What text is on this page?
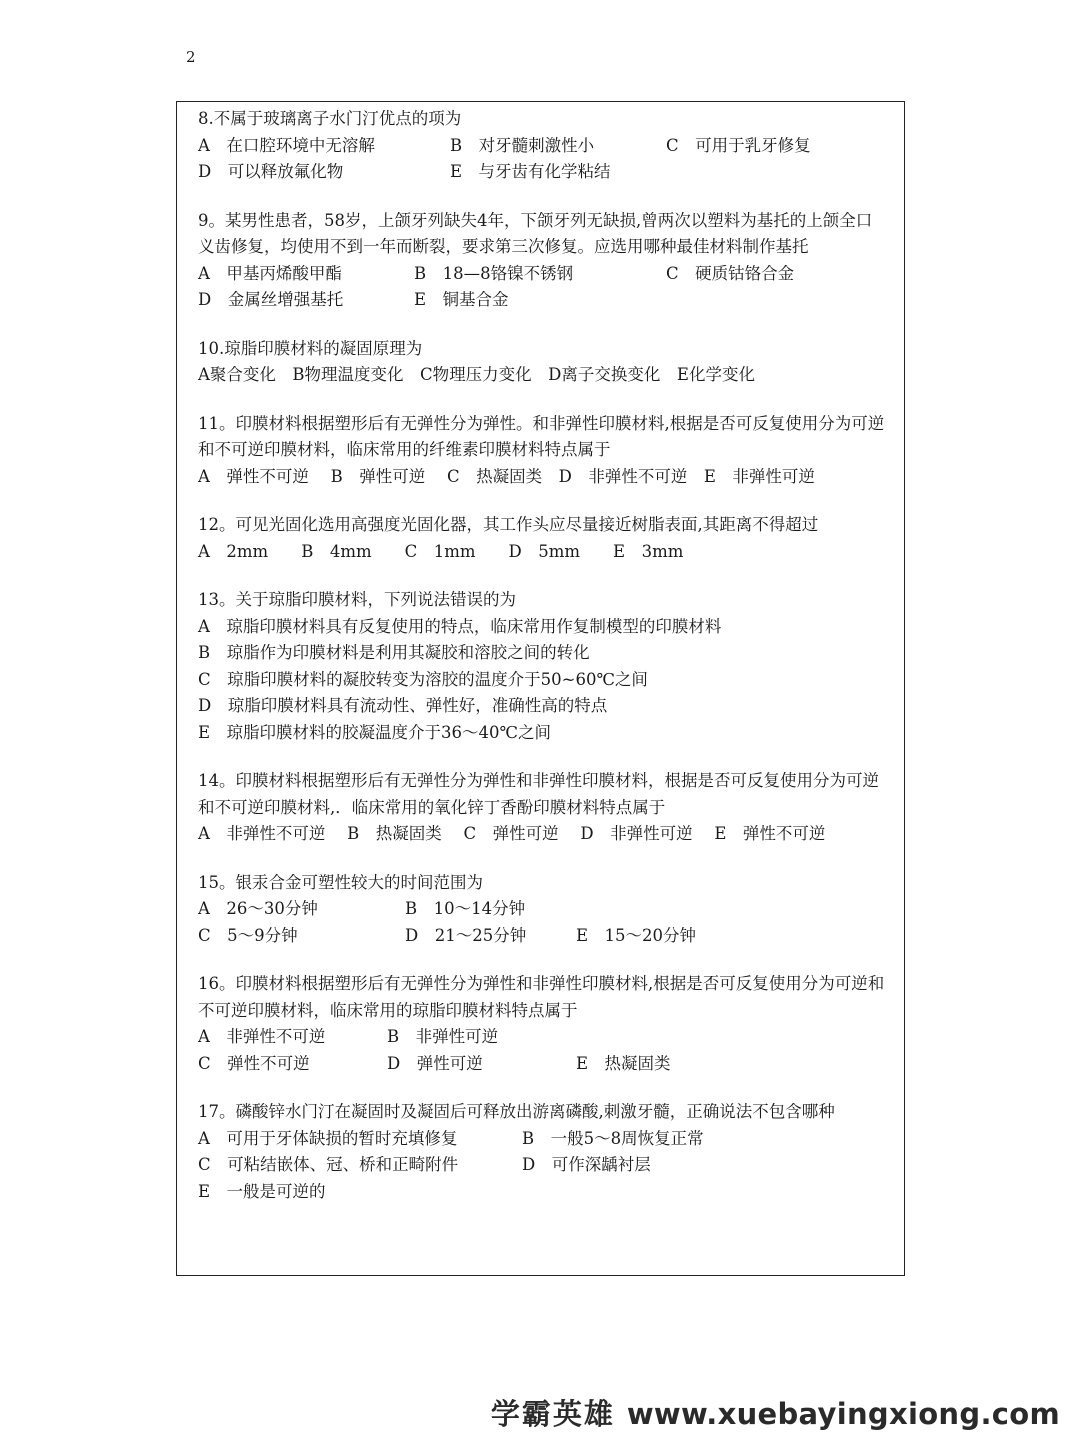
2

8.不属于玻璃离子水门汀优点的项为

A　在口腔环境中无溶解	B　对牙髓刺激性小	C　可用于乳牙修复
D　可以释放氟化物	E　与牙齿有化学粘结

9。某男性患者，58岁，上颌牙列缺失4年，下颌牙列无缺损,曾两次以塑料为基托的上颌全口义齿修复，均使用不到一年而断裂，要求第三次修复。应选用哪种最佳材料制作基托

A　甲基丙烯酸甲酯	B　18—8铬镍不锈钢	C　硬质钴铬合金
D　金属丝增强基托	E　铜基合金

10.琼脂印膜材料的凝固原理为

A聚合变化　B物理温度变化　C物理压力变化　D离子交换变化　E化学变化

11。印膜材料根据塑形后有无弹性分为弹性。和非弹性印膜材料,根据是否可反复使用分为可逆和不可逆印膜材料，临床常用的纤维素印膜材料特点属于

A　弹性不可逆　 B　弹性可逆　 C　热凝固类　D　非弹性不可逆　E　非弹性可逆

12。可见光固化选用高强度光固化器，其工作头应尽量接近树脂表面,其距离不得超过

A　2mm　　B　4mm　　C　1mm　　D　5mm　　E　3mm

13。关于琼脂印膜材料，下列说法错误的为

A　琼脂印膜材料具有反复使用的特点，临床常用作复制模型的印膜材料

B　琼脂作为印膜材料是利用其凝胶和溶胶之间的转化

C　琼脂印膜材料的凝胶转变为溶胶的温度介于50~60℃之间

D　琼脂印膜材料具有流动性、弹性好，准确性高的特点

E　琼脂印膜材料的胶凝温度介于36～40℃之间

14。印膜材料根据塑形后有无弹性分为弹性和非弹性印膜材料，根据是否可反复使用分为可逆和不可逆印膜材料,．临床常用的氧化锌丁香酚印膜材料特点属于

A　非弹性不可逆　 B　热凝固类　 C　弹性可逆　 D　非弹性可逆　 E　弹性不可逆

15。银汞合金可塑性较大的时间范围为

A　26～30分钟	B　10～14分钟
C　5～9分钟	D　21～25分钟	E　15～20分钟

16。印膜材料根据塑形后有无弹性分为弹性和非弹性印膜材料,根据是否可反复使用分为可逆和不可逆印膜材料，临床常用的琼脂印膜材料特点属于

A　非弹性不可逆	B　非弹性可逆
C　弹性不可逆	D　弹性可逆	E　热凝固类

17。磷酸锌水门汀在凝固时及凝固后可释放出游离磷酸,刺激牙髓，正确说法不包含哪种

A　可用于牙体缺损的暂时充填修复	B　一般5～8周恢复正常
C　可粘结嵌体、冠、桥和正畸附件	D　可作深龋衬层
E　一般是可逆的
学霸英雄 www.xuebayingxiong.com
